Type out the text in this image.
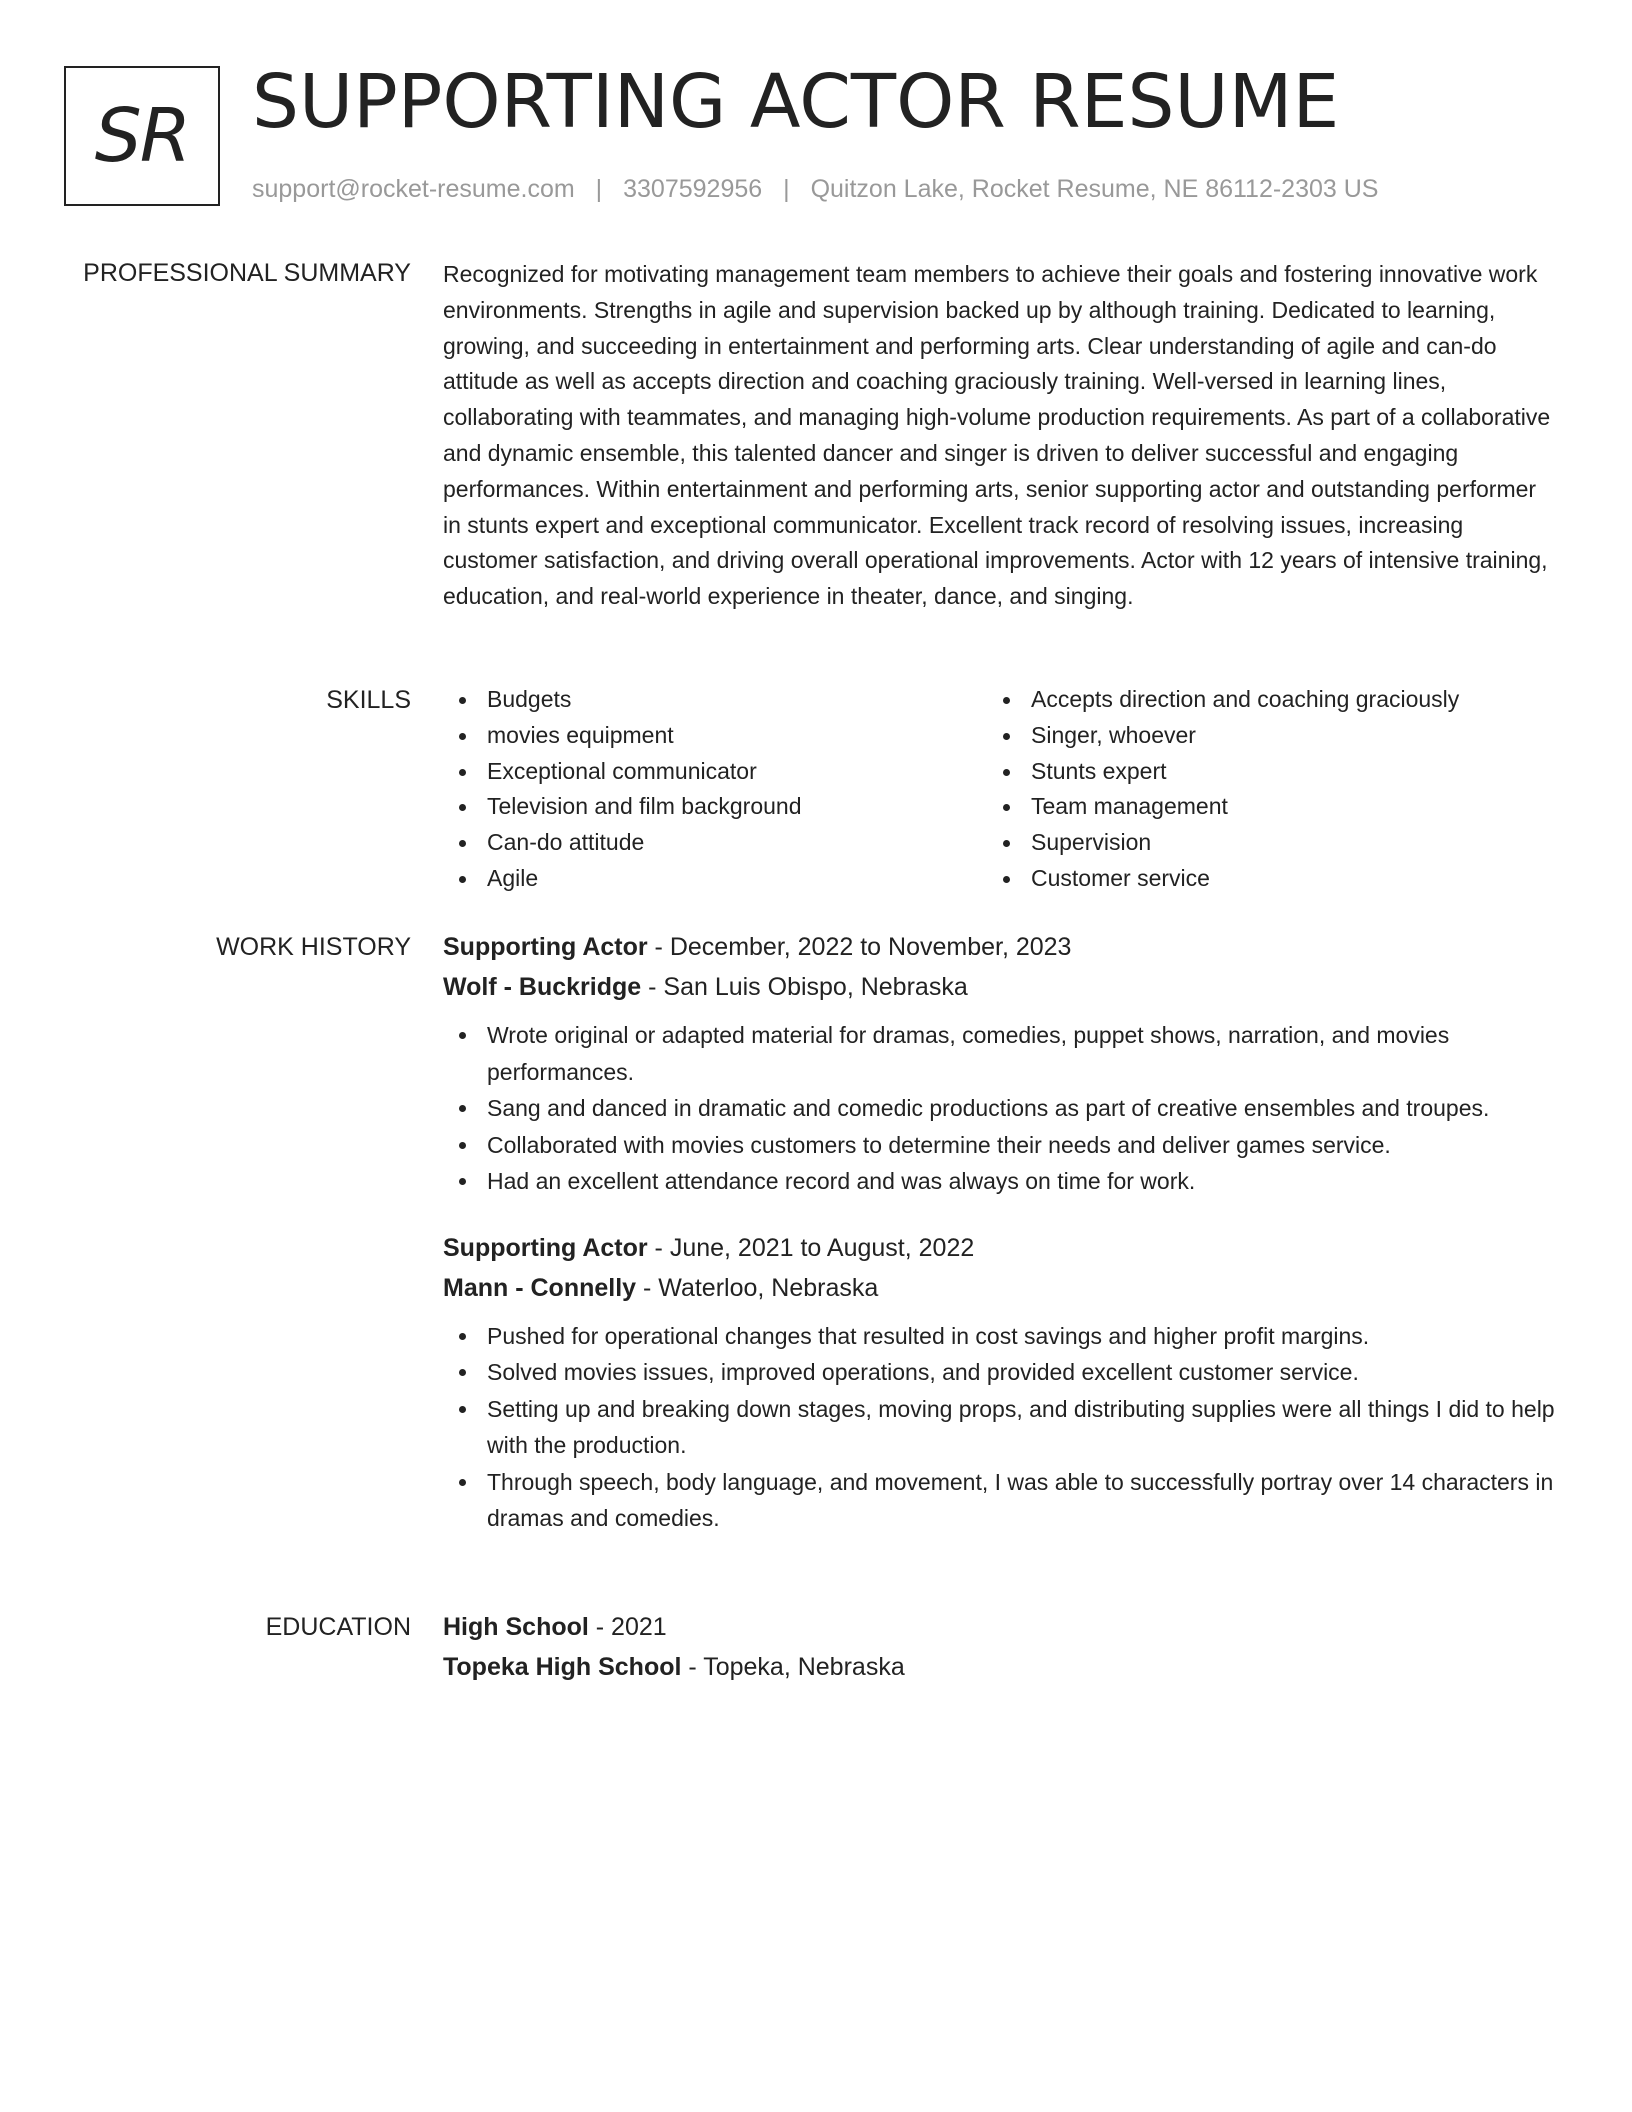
SR SUPPORTING ACTOR RESUME
support@rocket-resume.com | 3307592956 | Quitzon Lake, Rocket Resume, NE 86112-2303 US
PROFESSIONAL SUMMARY Recognized for motivating management team members to achieve their goals and fostering innovative work environments. Strengths in agile and supervision backed up by although training. Dedicated to learning, growing, and succeeding in entertainment and performing arts. Clear understanding of agile and can-do attitude as well as accepts direction and coaching graciously training. Well-versed in learning lines, collaborating with teammates, and managing high-volume production requirements. As part of a collaborative and dynamic ensemble, this talented dancer and singer is driven to deliver successful and engaging performances. Within entertainment and performing arts, senior supporting actor and outstanding performer in stunts expert and exceptional communicator. Excellent track record of resolving issues, increasing customer satisfaction, and driving overall operational improvements. Actor with 12 years of intensive training, education, and real-world experience in theater, dance, and singing.

SKILLS	Budgets
movies equipment
Exceptional communicator
Television and film background
Can-do attitude
Agile
Accepts direction and coaching graciously
Singer, whoever
Stunts expert
Team management
Supervision
Customer service
WORK HISTORY Supporting Actor - December, 2022 to November, 2023
Wolf - Buckridge - San Luis Obispo, Nebraska
Wrote original or adapted material for dramas, comedies, puppet shows, narration, and movies performances.
Sang and danced in dramatic and comedic productions as part of creative ensembles and troupes.
Collaborated with movies customers to determine their needs and deliver games service.
Had an excellent attendance record and was always on time for work.
Supporting Actor - June, 2021 to August, 2022
Mann - Connelly - Waterloo, Nebraska
Pushed for operational changes that resulted in cost savings and higher profit margins.
Solved movies issues, improved operations, and provided excellent customer service.
Setting up and breaking down stages, moving props, and distributing supplies were all things I did to help with the production.
Through speech, body language, and movement, I was able to successfully portray over 14 characters in dramas and comedies.
EDUCATION High School - 2021
Topeka High School - Topeka, Nebraska
